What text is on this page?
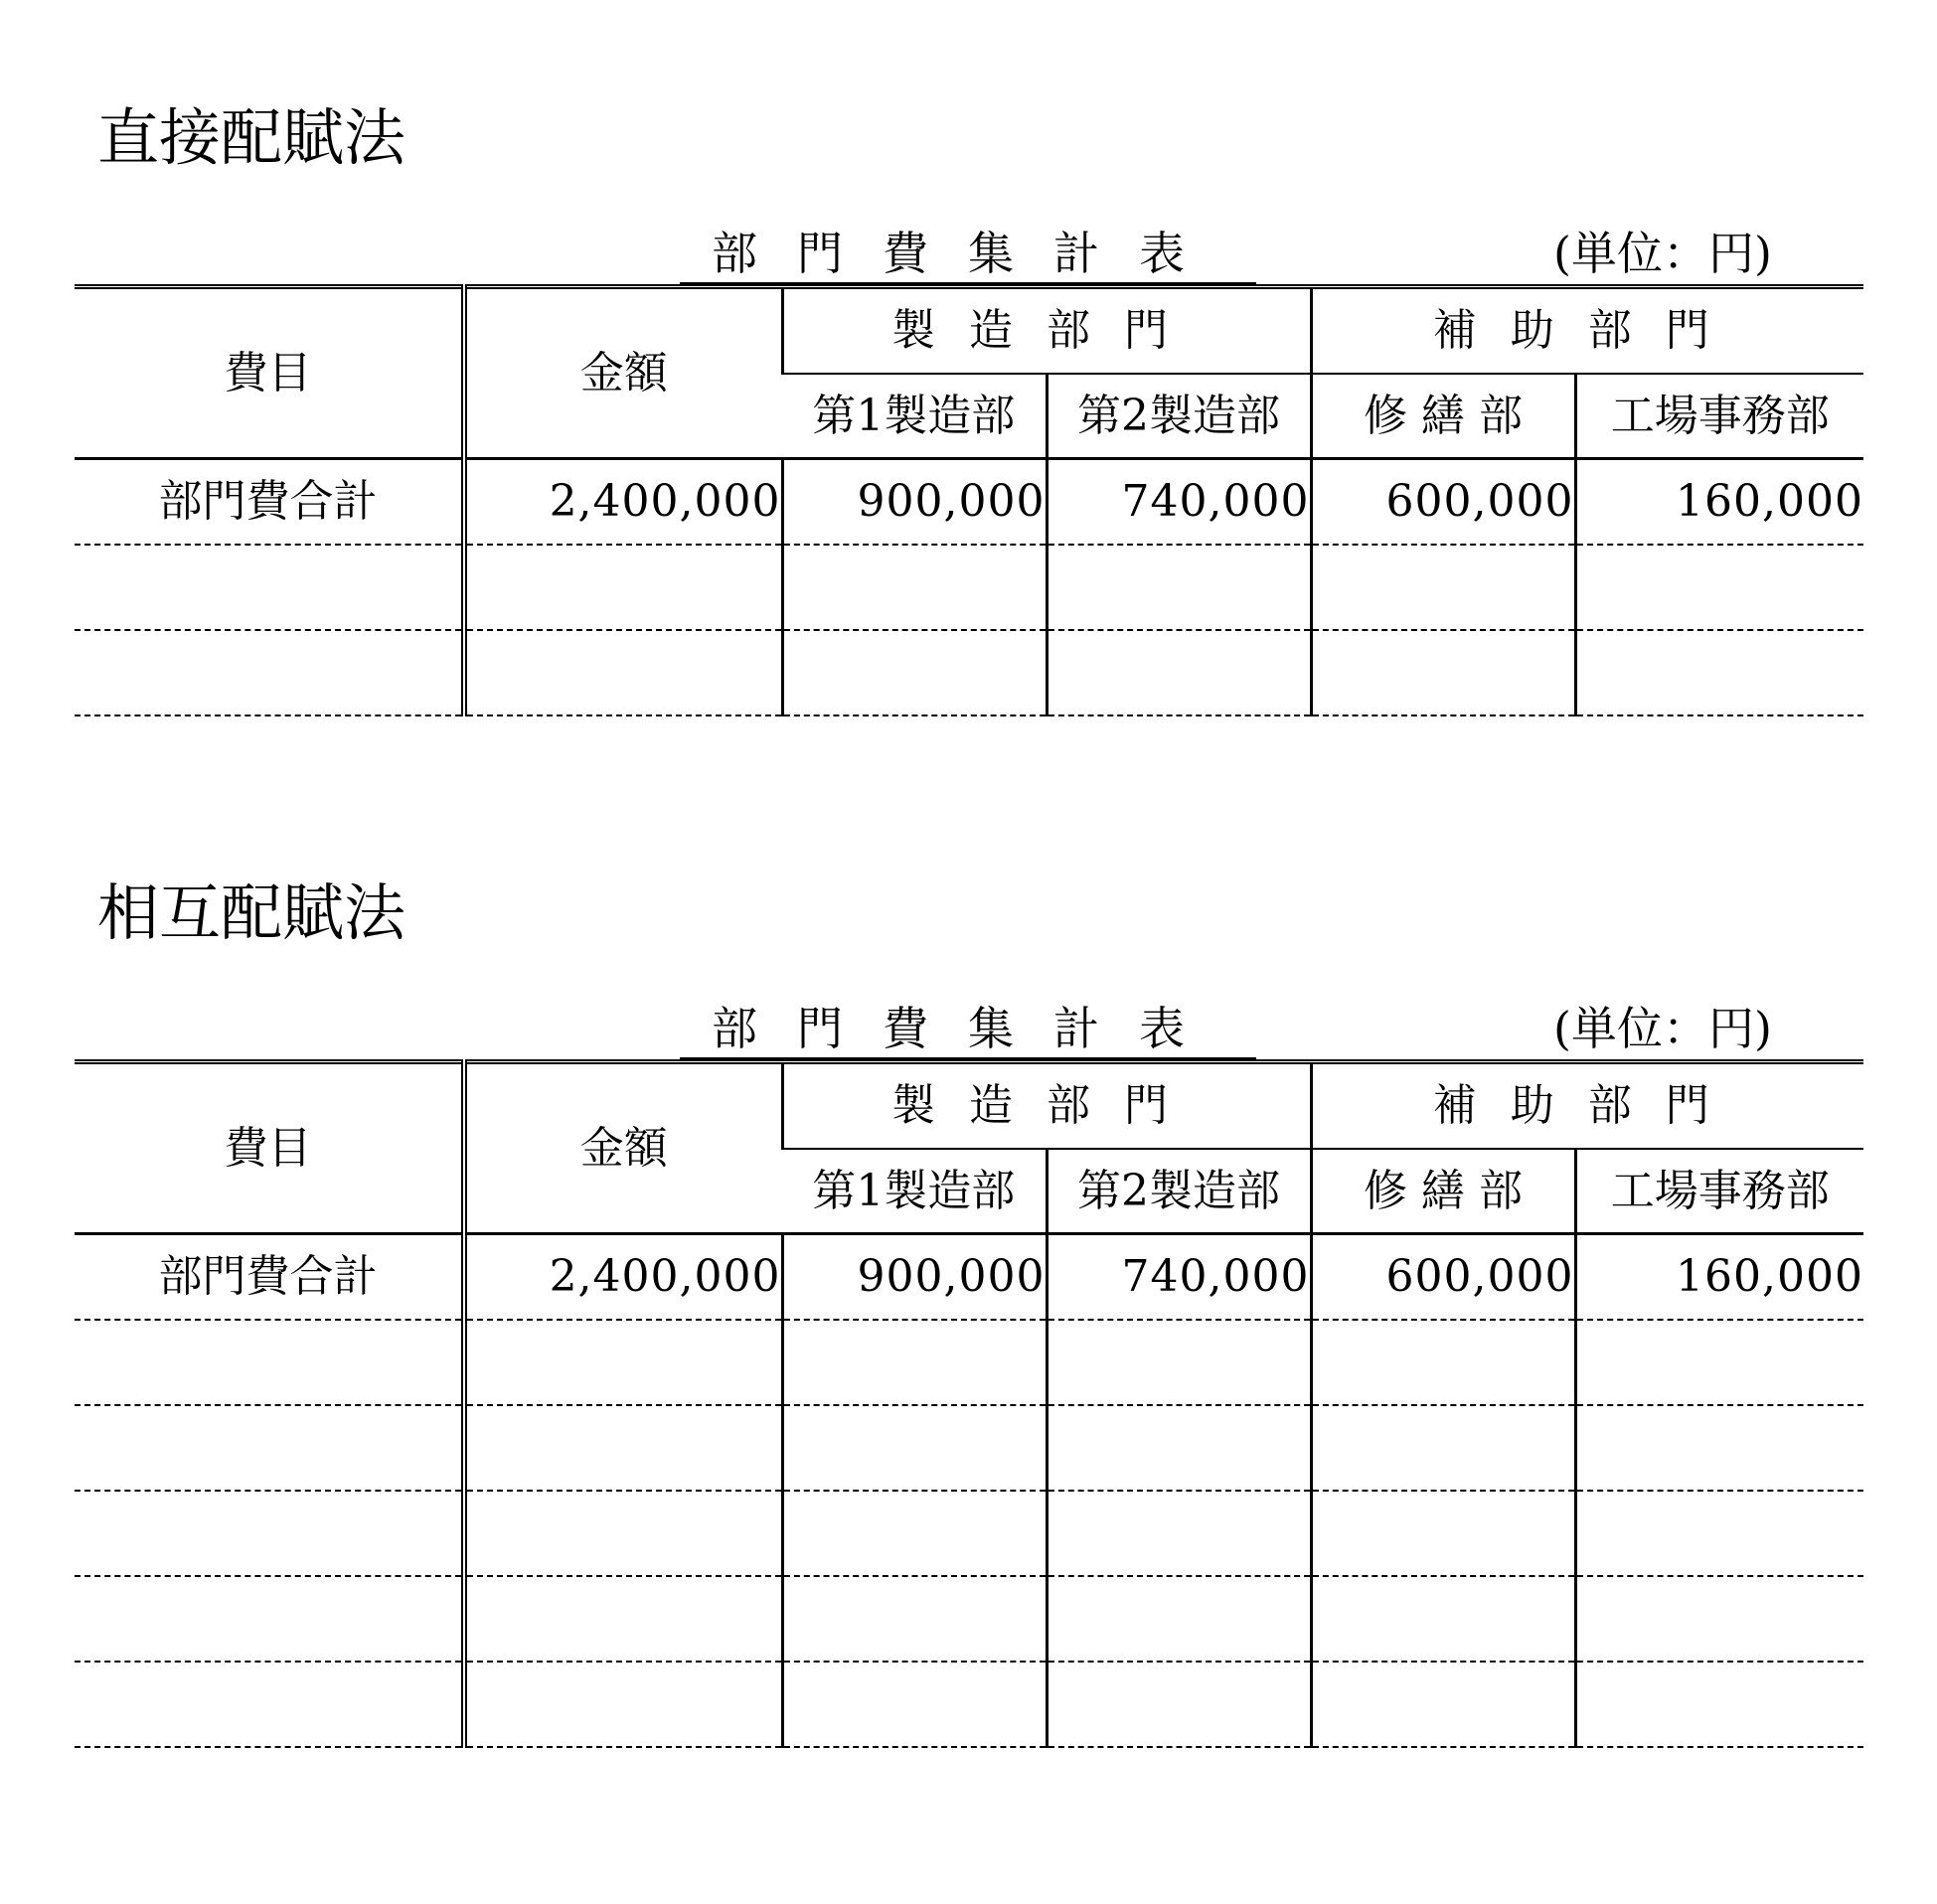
直接配賦法
部門費集計表	(単位：円)
費目	金額	製造部門		補助部門	
		第1製造部	第2製造部	修 繕 部	工場事務部
部門費合計	2,400,000	900,000	740,000	600,000	160,000

相互配賦法
部門費集計表	(単位：円)
費目	金額	製造部門		補助部門	
		第1製造部	第2製造部	修 繕 部	工場事務部
部門費合計	2,400,000	900,000	740,000	600,000	160,000
